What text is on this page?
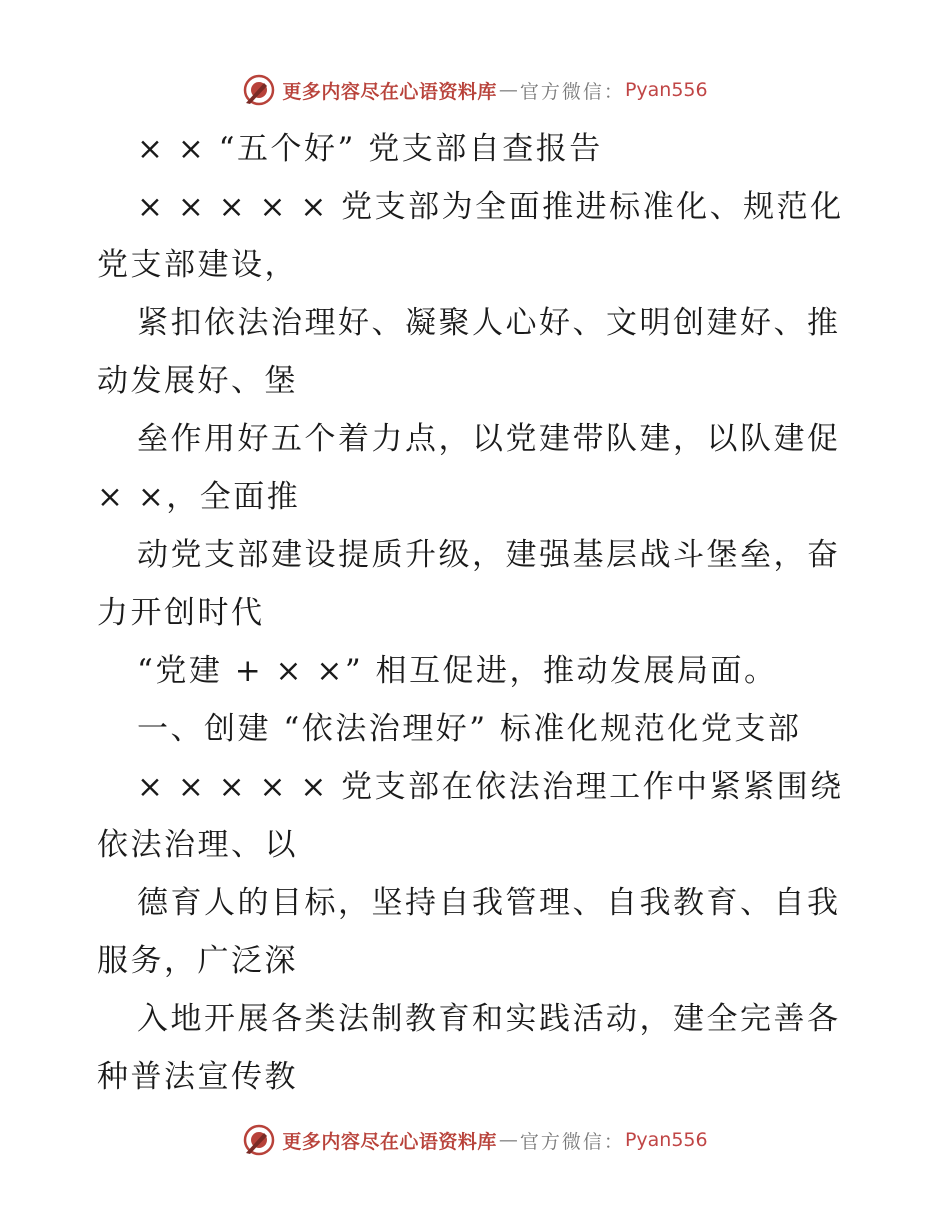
更多内容尽在心语资料库 — 官方微信： Pyan556

× × “五个好” 党支部自查报告

× × × × × 党支部为全面推进标准化、规范化党支部建设，

紧扣依法治理好、凝聚人心好、文明创建好、推动发展好、堡

垒作用好五个着力点，以党建带队建，以队建促 × ×，全面推

动党支部建设提质升级，建强基层战斗堡垒，奋力开创时代

“党建 + × ×” 相互促进，推动发展局面。

一、创建 “依法治理好” 标准化规范化党支部

× × × × × 党支部在依法治理工作中紧紧围绕依法治理、以

德育人的目标，坚持自我管理、自我教育、自我服务，广泛深

入地开展各类法制教育和实践活动，建全完善各种普法宣传教

更多内容尽在心语资料库 — 官方微信： Pyan556
